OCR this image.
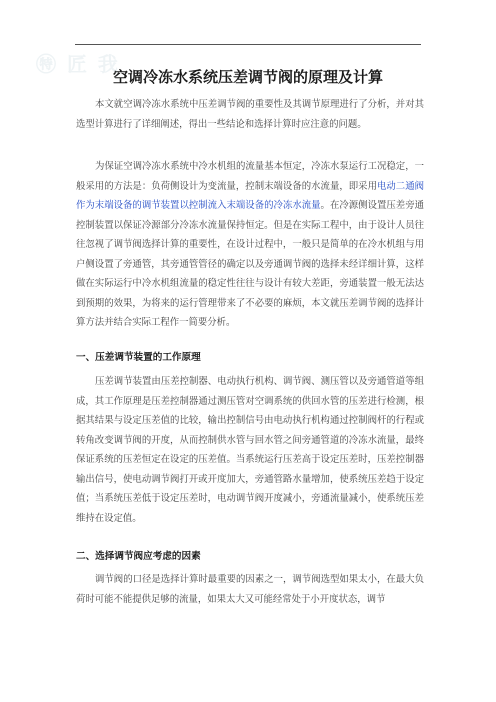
㊕ 匠 我
空调冷冻水系统压差调节阀的原理及计算

本文就空调冷冻水系统中压差调节阀的重要性及其调节原理进行了分析，并对其选型计算进行了详细阐述，得出一些结论和选择计算时应注意的问题。

为保证空调冷冻水系统中冷水机组的流量基本恒定，冷冻水泵运行工况稳定，一般采用的方法是：负荷侧设计为变流量，控制末端设备的水流量，即采用电动二通阀作为末端设备的调节装置以控制流入末端设备的冷冻水流量。在冷源侧设置压差旁通控制装置以保证冷源部分冷冻水流量保持恒定。但是在实际工程中，由于设计人员往往忽视了调节阀选择计算的重要性，在设计过程中，一般只是简单的在冷水机组与用户侧设置了旁通管，其旁通管管径的确定以及旁通调节阀的选择未经详细计算，这样做在实际运行中冷水机组流量的稳定性往往与设计有较大差距，旁通装置一般无法达到预期的效果，为将来的运行管理带来了不必要的麻烦，本文就压差调节阀的选择计算方法并结合实际工程作一简要分析。

一、压差调节装置的工作原理

压差调节装置由压差控制器、电动执行机构、调节阀、测压管以及旁通管道等组成，其工作原理是压差控制器通过测压管对空调系统的供回水管的压差进行检测，根据其结果与设定压差值的比较，输出控制信号由电动执行机构通过控制阀杆的行程或转角改变调节阀的开度，从而控制供水管与回水管之间旁通管道的冷冻水流量，最终保证系统的压差恒定在设定的压差值。当系统运行压差高于设定压差时，压差控制器输出信号，使电动调节阀打开或开度加大，旁通管路水量增加，使系统压差趋于设定值；当系统压差低于设定压差时，电动调节阀开度减小，旁通流量减小，使系统压差维持在设定值。

二、选择调节阀应考虑的因素

调节阀的口径是选择计算时最重要的因素之一，调节阀选型如果太小，在最大负荷时可能不能提供足够的流量，如果太大又可能经常处于小开度状态，调节
